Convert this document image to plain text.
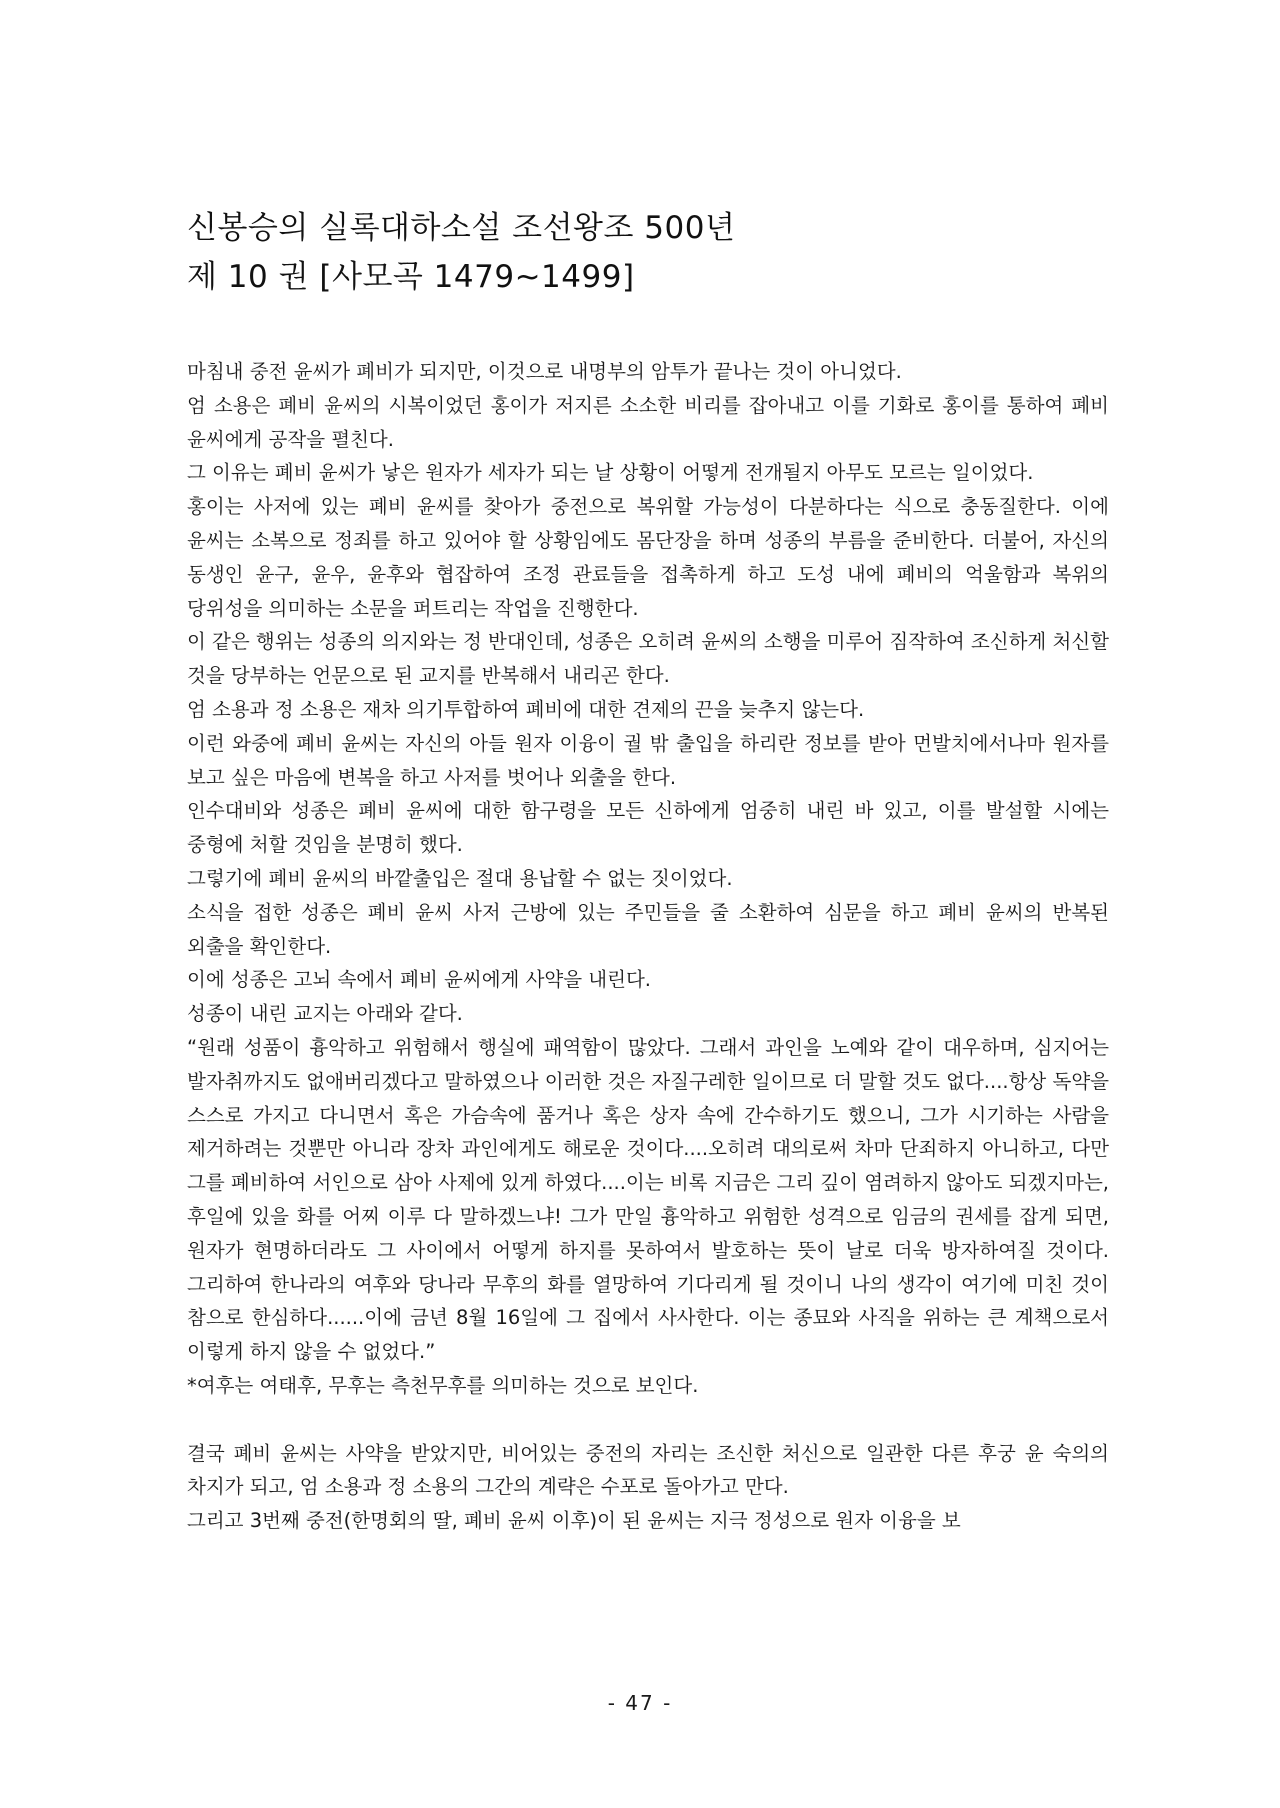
신봉승의 실록대하소설 조선왕조 500년
제 10 권 [사모곡 1479~1499]

마침내 중전 윤씨가 폐비가 되지만, 이것으로 내명부의 암투가 끝나는 것이 아니었다.

엄 소용은 폐비 윤씨의 시복이었던 홍이가 저지른 소소한 비리를 잡아내고 이를 기화로 홍이를 통하여 폐비 윤씨에게 공작을 펼친다.

그 이유는 폐비 윤씨가 낳은 원자가 세자가 되는 날 상황이 어떻게 전개될지 아무도 모르는 일이었다.

홍이는 사저에 있는 폐비 윤씨를 찾아가 중전으로 복위할 가능성이 다분하다는 식으로 충동질한다. 이에 윤씨는 소복으로 정죄를 하고 있어야 할 상황임에도 몸단장을 하며 성종의 부름을 준비한다. 더불어, 자신의 동생인 윤구, 윤우, 윤후와 협잡하여 조정 관료들을 접촉하게 하고 도성 내에 폐비의 억울함과 복위의 당위성을 의미하는 소문을 퍼트리는 작업을 진행한다.

이 같은 행위는 성종의 의지와는 정 반대인데, 성종은 오히려 윤씨의 소행을 미루어 짐작하여 조신하게 처신할 것을 당부하는 언문으로 된 교지를 반복해서 내리곤 한다.

엄 소용과 정 소용은 재차 의기투합하여 폐비에 대한 견제의 끈을 늦추지 않는다.

이런 와중에 폐비 윤씨는 자신의 아들 원자 이융이 궐 밖 출입을 하리란 정보를 받아 먼발치에서나마 원자를 보고 싶은 마음에 변복을 하고 사저를 벗어나 외출을 한다.

인수대비와 성종은 폐비 윤씨에 대한 함구령을 모든 신하에게 엄중히 내린 바 있고, 이를 발설할 시에는 중형에 처할 것임을 분명히 했다.

그렇기에 폐비 윤씨의 바깥출입은 절대 용납할 수 없는 짓이었다.

소식을 접한 성종은 폐비 윤씨 사저 근방에 있는 주민들을 줄 소환하여 심문을 하고 폐비 윤씨의 반복된 외출을 확인한다.

이에 성종은 고뇌 속에서 폐비 윤씨에게 사약을 내린다.

성종이 내린 교지는 아래와 같다.

“원래 성품이 흉악하고 위험해서 행실에 패역함이 많았다. 그래서 과인을 노예와 같이 대우하며, 심지어는 발자취까지도 없애버리겠다고 말하였으나 이러한 것은 자질구레한 일이므로 더 말할 것도 없다....항상 독약을 스스로 가지고 다니면서 혹은 가슴속에 품거나 혹은 상자 속에 간수하기도 했으니, 그가 시기하는 사람을 제거하려는 것뿐만 아니라 장차 과인에게도 해로운 것이다....오히려 대의로써 차마 단죄하지 아니하고, 다만 그를 폐비하여 서인으로 삼아 사제에 있게 하였다....이는 비록 지금은 그리 깊이 염려하지 않아도 되겠지마는, 후일에 있을 화를 어찌 이루 다 말하겠느냐! 그가 만일 흉악하고 위험한 성격으로 임금의 권세를 잡게 되면, 원자가 현명하더라도 그 사이에서 어떻게 하지를 못하여서 발호하는 뜻이 날로 더욱 방자하여질 것이다. 그리하여 한나라의 여후와 당나라 무후의 화를 열망하여 기다리게 될 것이니 나의 생각이 여기에 미친 것이 참으로 한심하다......이에 금년 8월 16일에 그 집에서 사사한다. 이는 종묘와 사직을 위하는 큰 계책으로서 이렇게 하지 않을 수 없었다.”

*여후는 여태후, 무후는 측천무후를 의미하는 것으로 보인다.

결국 폐비 윤씨는 사약을 받았지만, 비어있는 중전의 자리는 조신한 처신으로 일관한 다른 후궁 윤 숙의의 차지가 되고, 엄 소용과 정 소용의 그간의 계략은 수포로 돌아가고 만다.

그리고 3번째 중전(한명회의 딸, 폐비 윤씨 이후)이 된 윤씨는 지극 정성으로 원자 이융을 보

- 47 -
